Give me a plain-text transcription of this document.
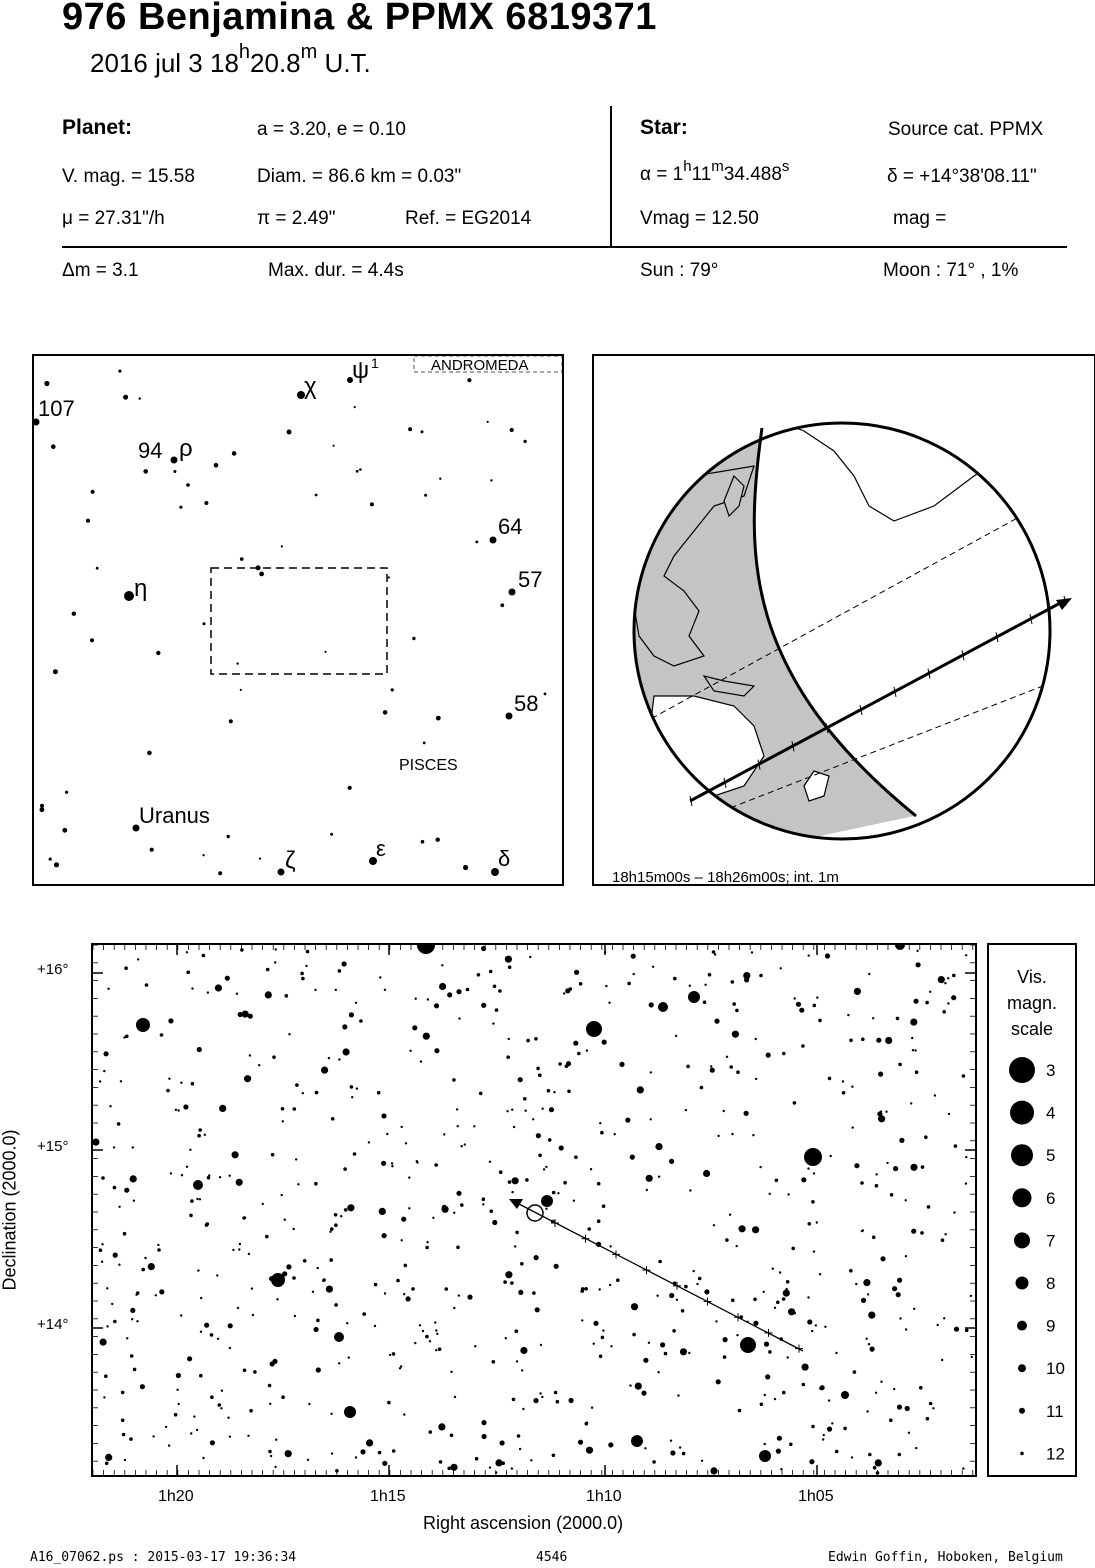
976 Benjamina & PPMX 6819371
2016 jul 3 18$^h$20.8$^m$ U.T.
Planet:	a = 3.20, e = 0.10
V. mag. = 15.58	Diam. = 86.6 km = 0.03"
μ = 27.31"/h	π = 2.49"	Ref. = EG2014
Star:	Source cat. PPMX
$\alpha = 1^h11^m34.488^s$	δ = +14°38'08.11"
Vmag = 12.50	mag =
Δm = 3.1	Max. dur. = 4.4s	Sun : 79°	Moon : 71° , 1%
107
94 ρ
χ
ψ 1	ANDROMEDA
64
57
η
58
PISCES
Uranus
ζ	ε	δ
18h15m00s – 18h26m00s; int. 1m
+16°
+15°
+14°
1h20	1h15	1h10	1h05
Right ascension (2000.0)
Declination (2000.0)
Vis.
magn.
scale
3
4
5
6
7
8
9
10
11
12
A16_07062.ps : 2015-03-17 19:36:34	4546	Edwin Goffin, Hoboken, Belgium
